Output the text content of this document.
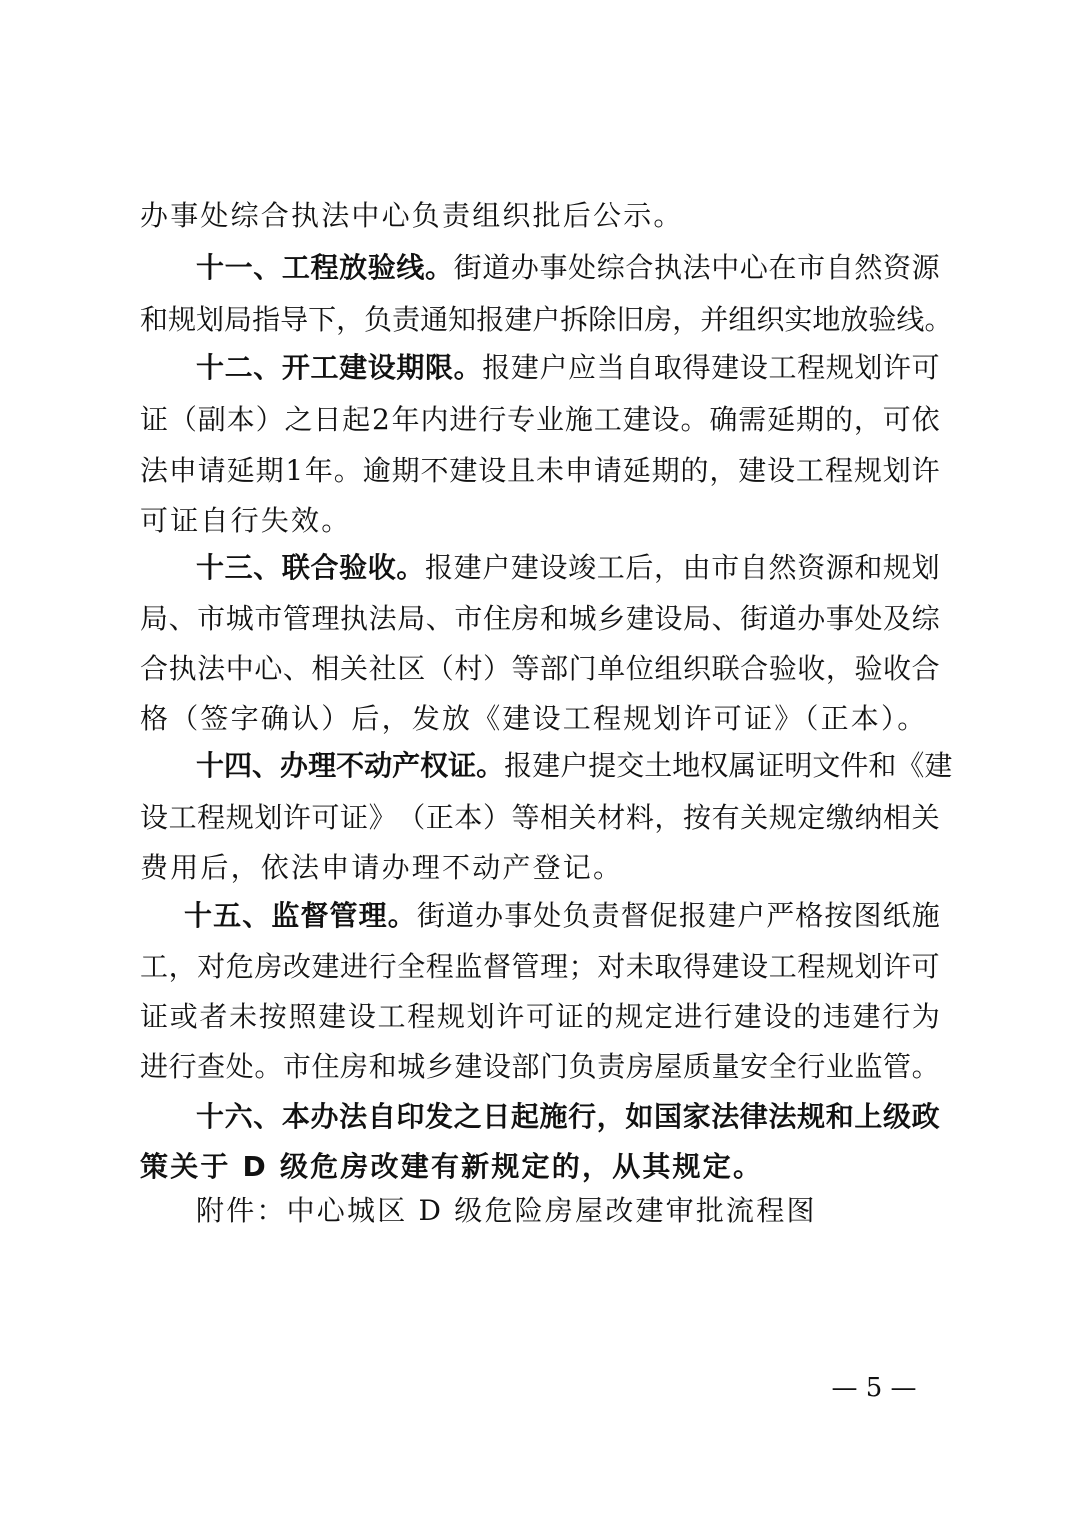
办事处综合执法中心负责组织批后公示。
十 一 、 工 程 放 验 线 。 街 道 办 事 处 综 合 执 法 中 心 在 市 自 然 资 源
和 规 划 局 指 导 下 ， 负 责 通 知 报 建 户 拆 除 旧 房 ， 并 组 织 实 地 放 验 线 。
十 二 、 开 工 建 设 期 限 。 报 建 户 应 当 自 取 得 建 设 工 程 规 划 许 可
证 （ 副 本 ） 之 日 起 2 年 内 进 行 专 业 施 工 建 设 。 确 需 延 期 的 ， 可 依
法 申 请 延 期 1 年 。 逾 期 不 建 设 且 未 申 请 延 期 的 ， 建 设 工 程 规 划 许
可证自行失效。
十 三 、 联 合 验 收 。 报 建 户 建 设 竣 工 后 ， 由 市 自 然 资 源 和 规 划
局 、 市 城 市 管 理 执 法 局 、 市 住 房 和 城 乡 建 设 局 、 街 道 办 事 处 及 综
合 执 法 中 心 、 相 关 社 区 （ 村 ） 等 部 门 单 位 组 织 联 合 验 收 ， 验 收 合
格（签字确认）后，发放《建设工程规划许可证》（正本）。
十 四 、 办 理 不 动 产 权 证 。 报 建 户 提 交 土 地 权 属 证 明 文 件 和 《 建
设 工 程 规 划 许 可 证 》 （ 正 本 ） 等 相 关 材 料 ， 按 有 关 规 定 缴 纳 相 关
费用后，依法申请办理不动产登记。
十 五 、 监 督 管 理 。 街 道 办 事 处 负 责 督 促 报 建 户 严 格 按 图 纸 施
工 ， 对 危 房 改 建 进 行 全 程 监 督 管 理 ； 对 未 取 得 建 设 工 程 规 划 许 可
证 或 者 未 按 照 建 设 工 程 规 划 许 可 证 的 规 定 进 行 建 设 的 违 建 行 为
进 行 查 处 。 市 住 房 和 城 乡 建 设 部 门 负 责 房 屋 质 量 安 全 行 业 监 管 。
十 六 、 本 办 法 自 印 发 之 日 起 施 行 ， 如 国 家 法 律 法 规 和 上 级 政
策关于 D 级危房改建有新规定的，从其规定。
附件：中心城区 D 级危险房屋改建审批流程图
— 5 —
